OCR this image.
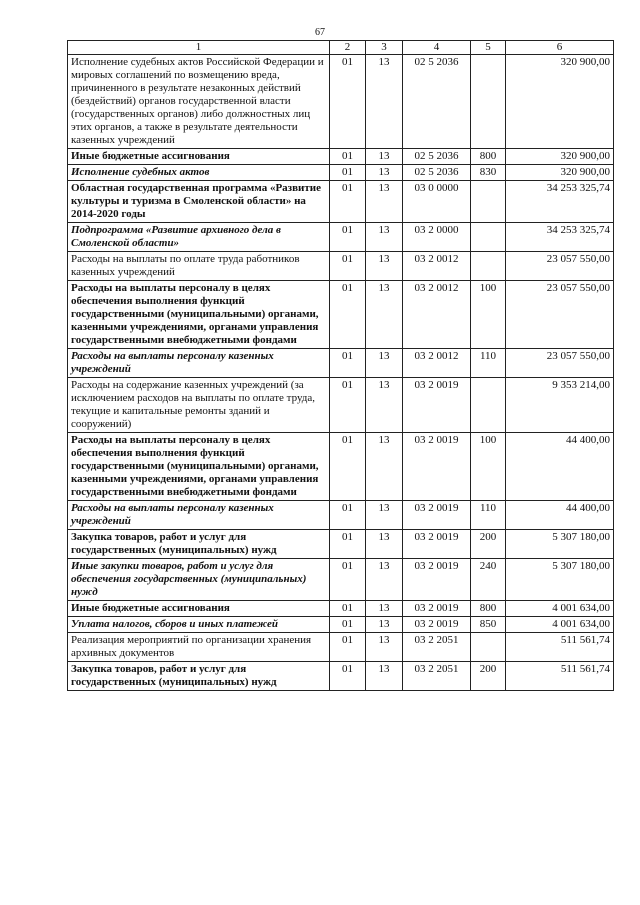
67
1	2	3	4	5	6
Исполнение судебных актов Российской Федерации и мировых соглашений по возмещению вреда, причиненного в результате незаконных действий (бездействий) органов государственной власти (государственных органов) либо должностных лиц этих органов, а также в результате деятельности казенных учреждений	01	13	02 5 2036		320 900,00
Иные бюджетные ассигнования	01	13	02 5 2036	800	320 900,00
Исполнение судебных актов	01	13	02 5 2036	830	320 900,00
Областная государственная программа «Развитие культуры и туризма в Смоленской области» на 2014-2020 годы	01	13	03 0 0000		34 253 325,74
Подпрограмма «Развитие архивного дела в Смоленской области»	01	13	03 2 0000		34 253 325,74
Расходы на выплаты по оплате труда работников казенных учреждений	01	13	03 2 0012		23 057 550,00
Расходы на выплаты персоналу в целях обеспечения выполнения функций государственными (муниципальными) органами, казенными учреждениями, органами управления государственными внебюджетными фондами	01	13	03 2 0012	100	23 057 550,00
Расходы на выплаты персоналу казенных учреждений	01	13	03 2 0012	110	23 057 550,00
Расходы на содержание казенных учреждений (за исключением расходов на выплаты по оплате труда, текущие и капитальные ремонты зданий и сооружений)	01	13	03 2 0019		9 353 214,00
Расходы на выплаты персоналу в целях обеспечения выполнения функций государственными (муниципальными) органами, казенными учреждениями, органами управления государственными внебюджетными фондами	01	13	03 2 0019	100	44 400,00
Расходы на выплаты персоналу казенных учреждений	01	13	03 2 0019	110	44 400,00
Закупка товаров, работ и услуг для государственных (муниципальных) нужд	01	13	03 2 0019	200	5 307 180,00
Иные закупки товаров, работ и услуг для обеспечения государственных (муниципальных) нужд	01	13	03 2 0019	240	5 307 180,00
Иные бюджетные ассигнования	01	13	03 2 0019	800	4 001 634,00
Уплата налогов, сборов и иных платежей	01	13	03 2 0019	850	4 001 634,00
Реализация мероприятий по организации хранения архивных документов	01	13	03 2 2051		511 561,74
Закупка товаров, работ и услуг для государственных (муниципальных) нужд	01	13	03 2 2051	200	511 561,74
